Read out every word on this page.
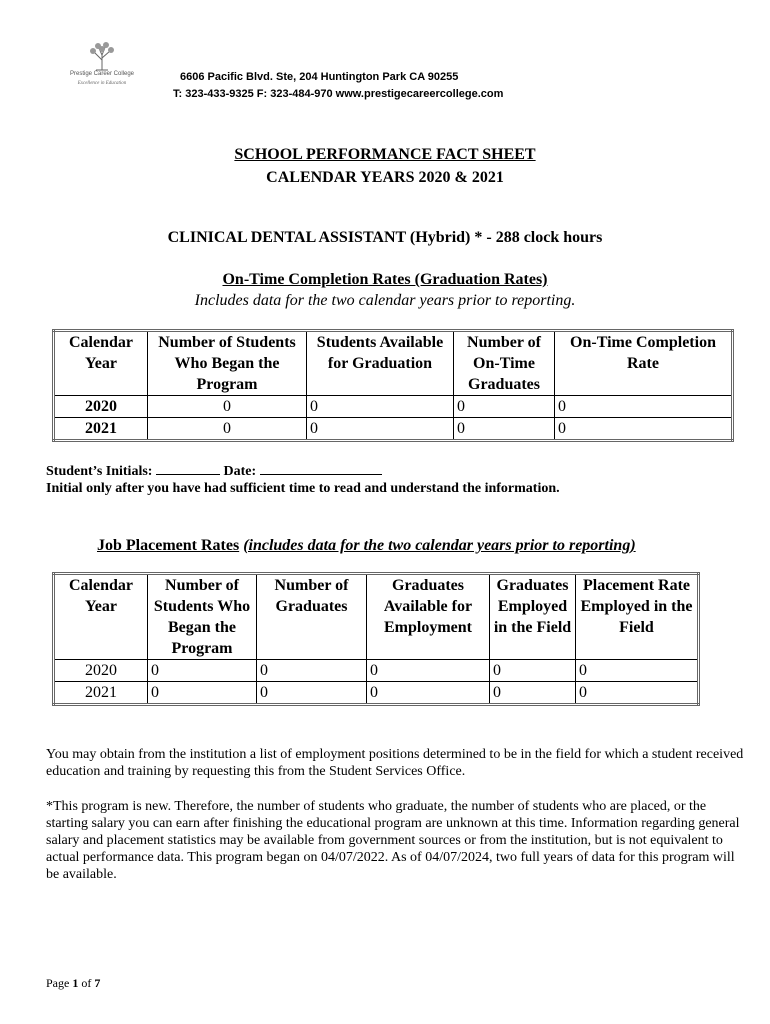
Prestige Career College
Excellence in Education
6606 Pacific Blvd. Ste, 204 Huntington Park CA 90255
T: 323-433-9325 F: 323-484-970 www.prestigecareercollege.com
SCHOOL PERFORMANCE FACT SHEET
CALENDAR YEARS 2020 & 2021
CLINICAL DENTAL ASSISTANT (Hybrid) * - 288 clock hours
On-Time Completion Rates (Graduation Rates)
Includes data for the two calendar years prior to reporting.
Calendar Year	Number of Students Who Began the Program	Students Available for Graduation	Number of On-Time Graduates	On-Time Completion Rate
2020	0	0	0	0
2021	0	0	0	0
Student’s Initials:	Date:
Initial only after you have had sufficient time to read and understand the information.
Job Placement Rates (includes data for the two calendar years prior to reporting)
Calendar Year	Number of Students Who Began the Program	Number of Graduates	Graduates Available for Employment	Graduates Employed in the Field	Placement Rate Employed in the Field
2020	0	0	0	0	0
2021	0	0	0	0	0
You may obtain from the institution a list of employment positions determined to be in the field for which a student received education and training by requesting this from the Student Services Office.
*This program is new. Therefore, the number of students who graduate, the number of students who are placed, or the starting salary you can earn after finishing the educational program are unknown at this time. Information regarding general salary and placement statistics may be available from government sources or from the institution, but is not equivalent to actual performance data. This program began on 04/07/2022. As of 04/07/2024, two full years of data for this program will be available.
Page 1 of 7
